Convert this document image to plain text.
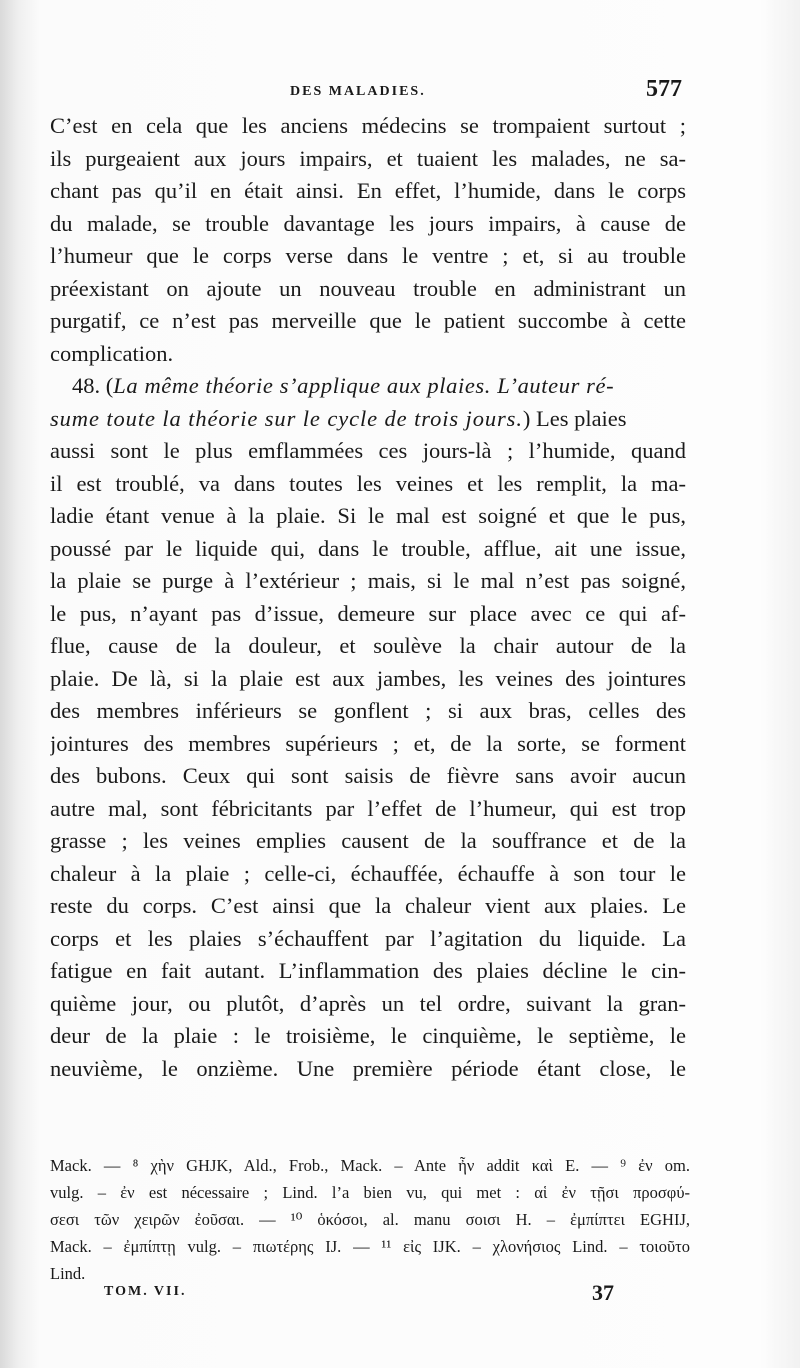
DES MALADIES.	577
C’est en cela que les anciens médecins se trompaient surtout ;
ils purgeaient aux jours impairs, et tuaient les malades, ne sa-
chant pas qu’il en était ainsi. En effet, l’humide, dans le corps
du malade, se trouble davantage les jours impairs, à cause de
l’humeur que le corps verse dans le ventre ; et, si au trouble
préexistant on ajoute un nouveau trouble en administrant un
purgatif, ce n’est pas merveille que le patient succombe à cette
complication.
48. (La même théorie s’applique aux plaies. L’auteur ré-
sume toute la théorie sur le cycle de trois jours.) Les plaies
aussi sont le plus emflammées ces jours-là ; l’humide, quand
il est troublé, va dans toutes les veines et les remplit, la ma-
ladie étant venue à la plaie. Si le mal est soigné et que le pus,
poussé par le liquide qui, dans le trouble, afflue, ait une issue,
la plaie se purge à l’extérieur ; mais, si le mal n’est pas soigné,
le pus, n’ayant pas d’issue, demeure sur place avec ce qui af-
flue, cause de la douleur, et soulève la chair autour de la
plaie. De là, si la plaie est aux jambes, les veines des jointures
des membres inférieurs se gonflent ; si aux bras, celles des
jointures des membres supérieurs ; et, de la sorte, se forment
des bubons. Ceux qui sont saisis de fièvre sans avoir aucun
autre mal, sont fébricitants par l’effet de l’humeur, qui est trop
grasse ; les veines emplies causent de la souffrance et de la
chaleur à la plaie ; celle-ci, échauffée, échauffe à son tour le
reste du corps. C’est ainsi que la chaleur vient aux plaies. Le
corps et les plaies s’échauffent par l’agitation du liquide. La
fatigue en fait autant. L’inflammation des plaies décline le cin-
quième jour, ou plutôt, d’après un tel ordre, suivant la gran-
deur de la plaie : le troisième, le cinquième, le septième, le
neuvième, le onzième. Une première période étant close, le
Mack. — ⁸ χὴν GHJK, Ald., Frob., Mack. – Ante ἦν addit καὶ E. — ⁹ ἐν om.
vulg. – ἐν est nécessaire ; Lind. l’a bien vu, qui met : αἱ ἐν τῇσι προσφύ-
σεσι τῶν χειρῶν ἐοῦσαι. — ¹⁰ ὁκόσοι, al. manu σοισι H. – ἐμπίπτει EGHIJ,
Mack. – ἐμπίπτῃ vulg. – πιωτέρης IJ. — ¹¹ εἰς IJK. – χλονήσιος Lind. – τοιοῦτο
Lind.
TOM. VII.	37
